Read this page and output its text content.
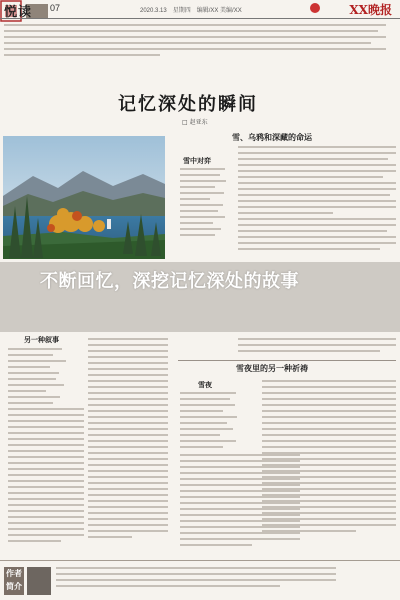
悦读 07	2020.3.13　星期四　编辑/XX 美编/XX	XX晚报
记忆深处的瞬间
□ 赵亚东
雪中对弈
雪、乌鸦和深藏的命运
不断回忆，深挖记忆深处的故事
另一种叙事
雪夜里的另一种祈祷
雪夜
作者简介
